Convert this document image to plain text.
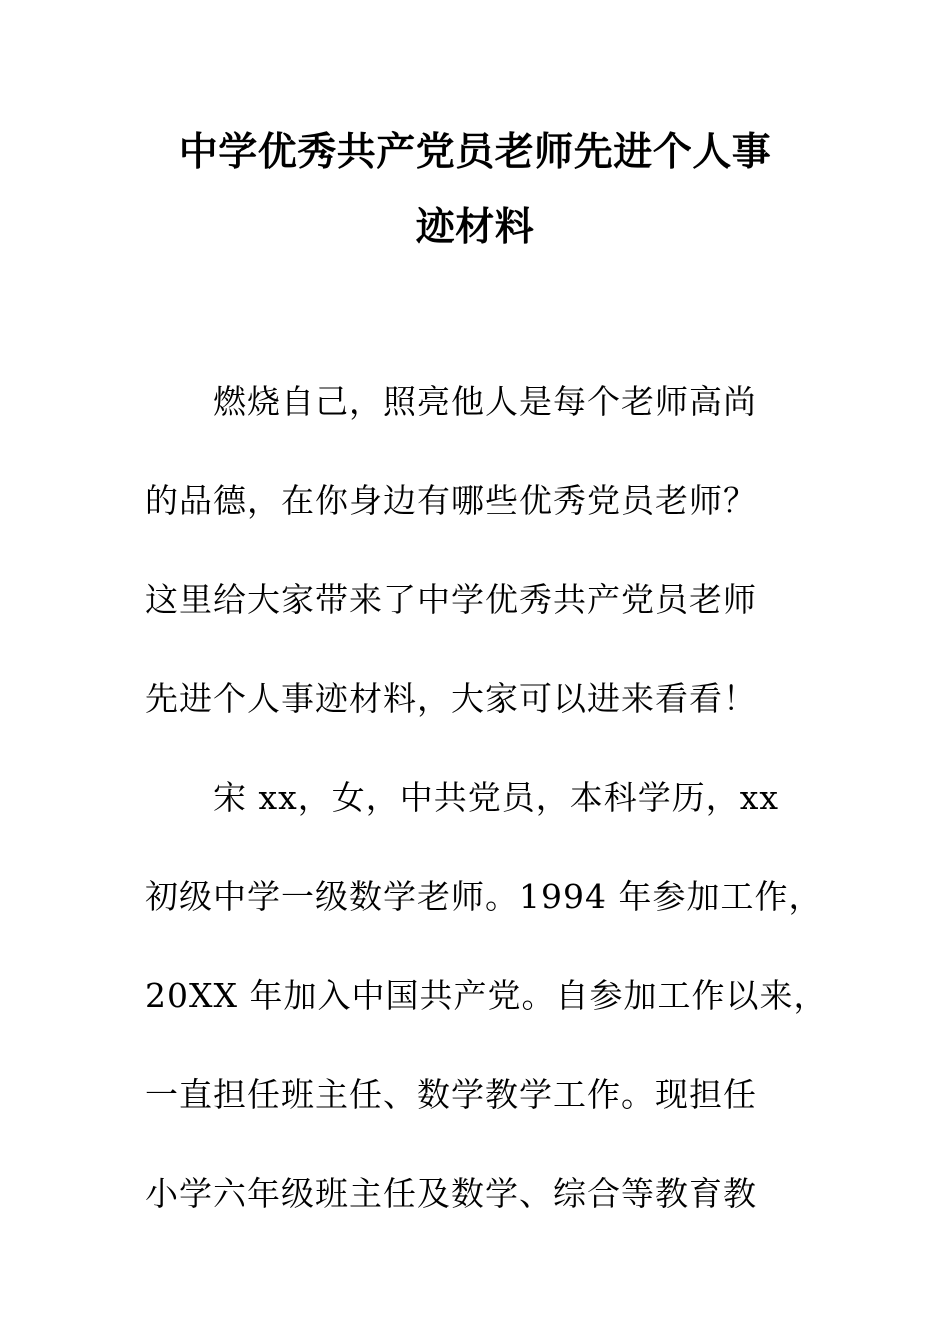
中学优秀共产党员老师先进个人事
迹材料
燃烧自己，照亮他人是每个老师高尚
的品德，在你身边有哪些优秀党员老师？
这里给大家带来了中学优秀共产党员老师
先进个人事迹材料，大家可以进来看看！
宋 xx，女，中共党员，本科学历，xx
初级中学一级数学老师。1994 年参加工作，
20XX 年加入中国共产党。自参加工作以来，
一直担任班主任、数学教学工作。现担任
小学六年级班主任及数学、综合等教育教
